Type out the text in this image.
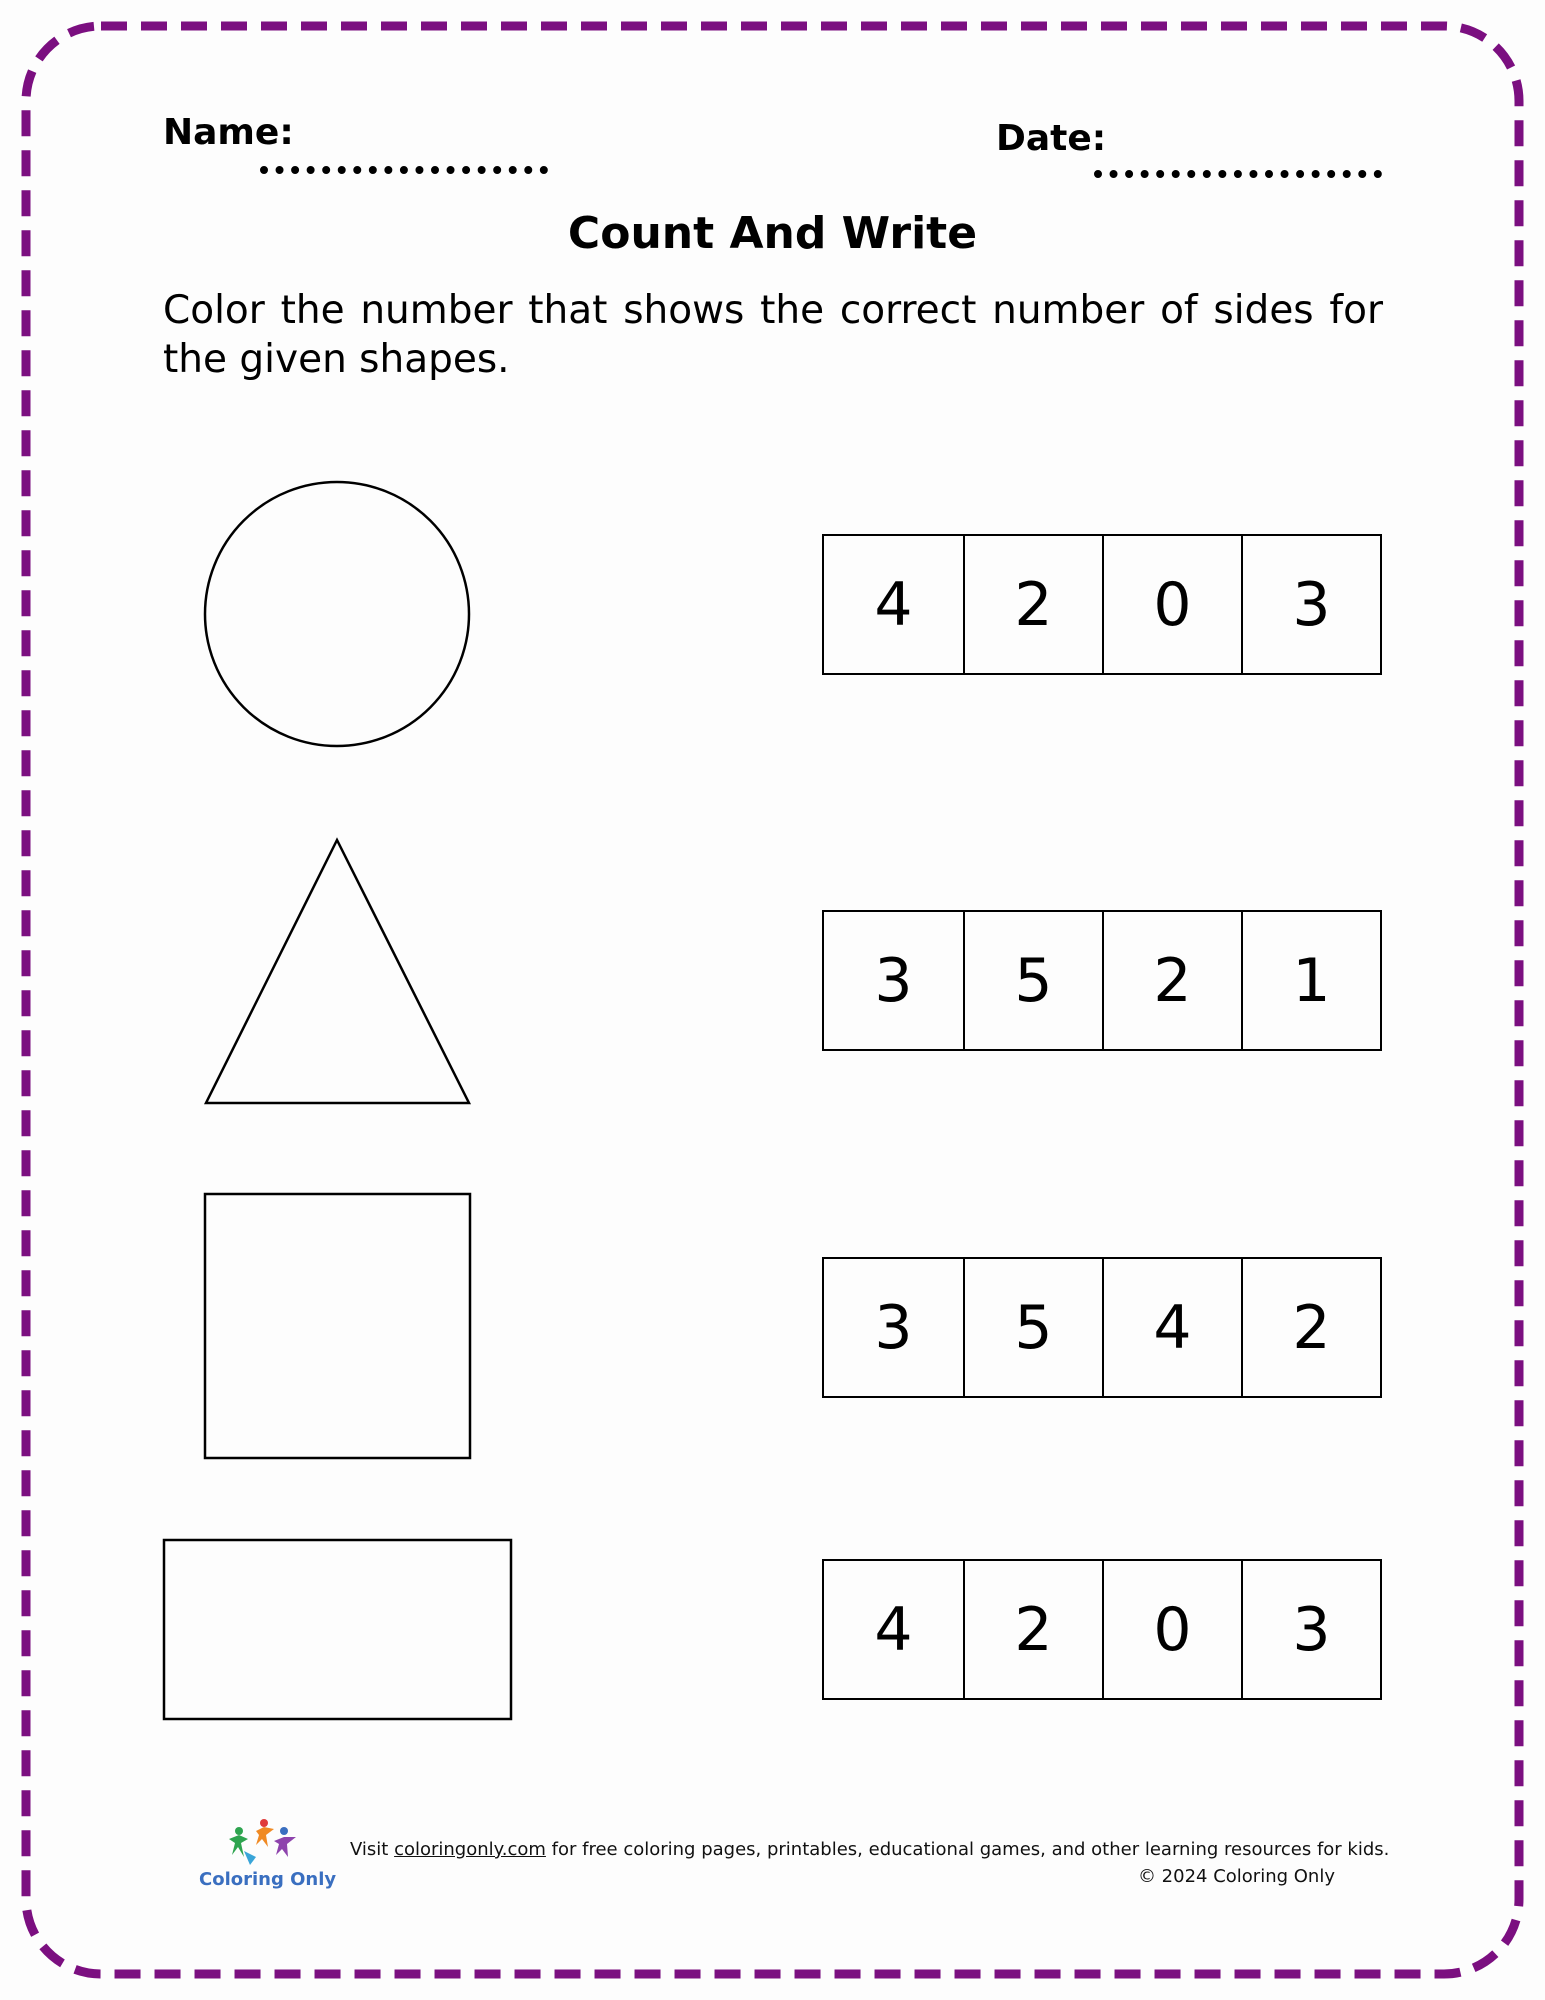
Name:	Date:
Count And Write
Color the number that shows the correct number of sides for the given shapes.
4	2	0	3
3	5	2	1
3	5	4	2
4	2	0	3
Coloring Only
Visit coloringonly.com for free coloring pages, printables, educational games, and other learning resources for kids.
© 2024 Coloring Only
